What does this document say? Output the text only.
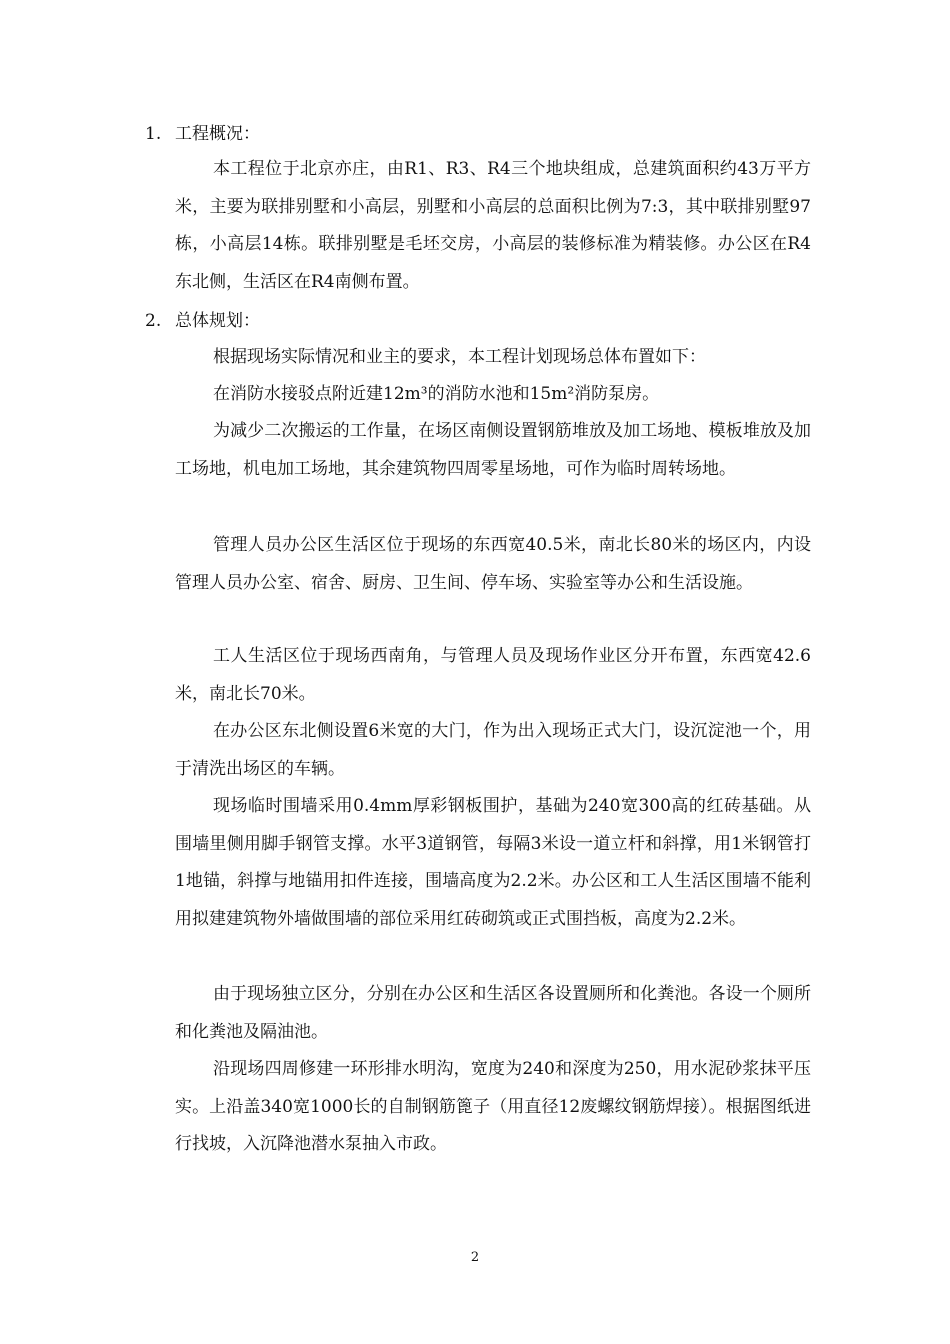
1. 工程概况：

本工程位于北京亦庄，由R1、R3、R4三个地块组成，总建筑面积约43万平方米，主要为联排别墅和小高层，别墅和小高层的总面积比例为7:3，其中联排别墅97栋，小高层14栋。联排别墅是毛坯交房，小高层的装修标准为精装修。办公区在R4东北侧，生活区在R4南侧布置。

2. 总体规划：

根据现场实际情况和业主的要求，本工程计划现场总体布置如下：

在消防水接驳点附近建12m³的消防水池和15m²消防泵房。

为减少二次搬运的工作量，在场区南侧设置钢筋堆放及加工场地、模板堆放及加工场地，机电加工场地，其余建筑物四周零星场地，可作为临时周转场地。

管理人员办公区生活区位于现场的东西宽40.5米，南北长80米的场区内，内设管理人员办公室、宿舍、厨房、卫生间、停车场、实验室等办公和生活设施。

工人生活区位于现场西南角，与管理人员及现场作业区分开布置，东西宽42.6米，南北长70米。

在办公区东北侧设置6米宽的大门，作为出入现场正式大门，设沉淀池一个，用于清洗出场区的车辆。

现场临时围墙采用0.4mm厚彩钢板围护，基础为240宽300高的红砖基础。从围墙里侧用脚手钢管支撑。水平3道钢管，每隔3米设一道立杆和斜撑，用1米钢管打1地锚，斜撑与地锚用扣件连接，围墙高度为2.2米。办公区和工人生活区围墙不能利用拟建建筑物外墙做围墙的部位采用红砖砌筑或正式围挡板，高度为2.2米。

由于现场独立区分，分别在办公区和生活区各设置厕所和化粪池。各设一个厕所和化粪池及隔油池。

沿现场四周修建一环形排水明沟，宽度为240和深度为250，用水泥砂浆抹平压实。上沿盖340宽1000长的自制钢筋篦子（用直径12废螺纹钢筋焊接）。根据图纸进行找坡，入沉降池潜水泵抽入市政。

2
